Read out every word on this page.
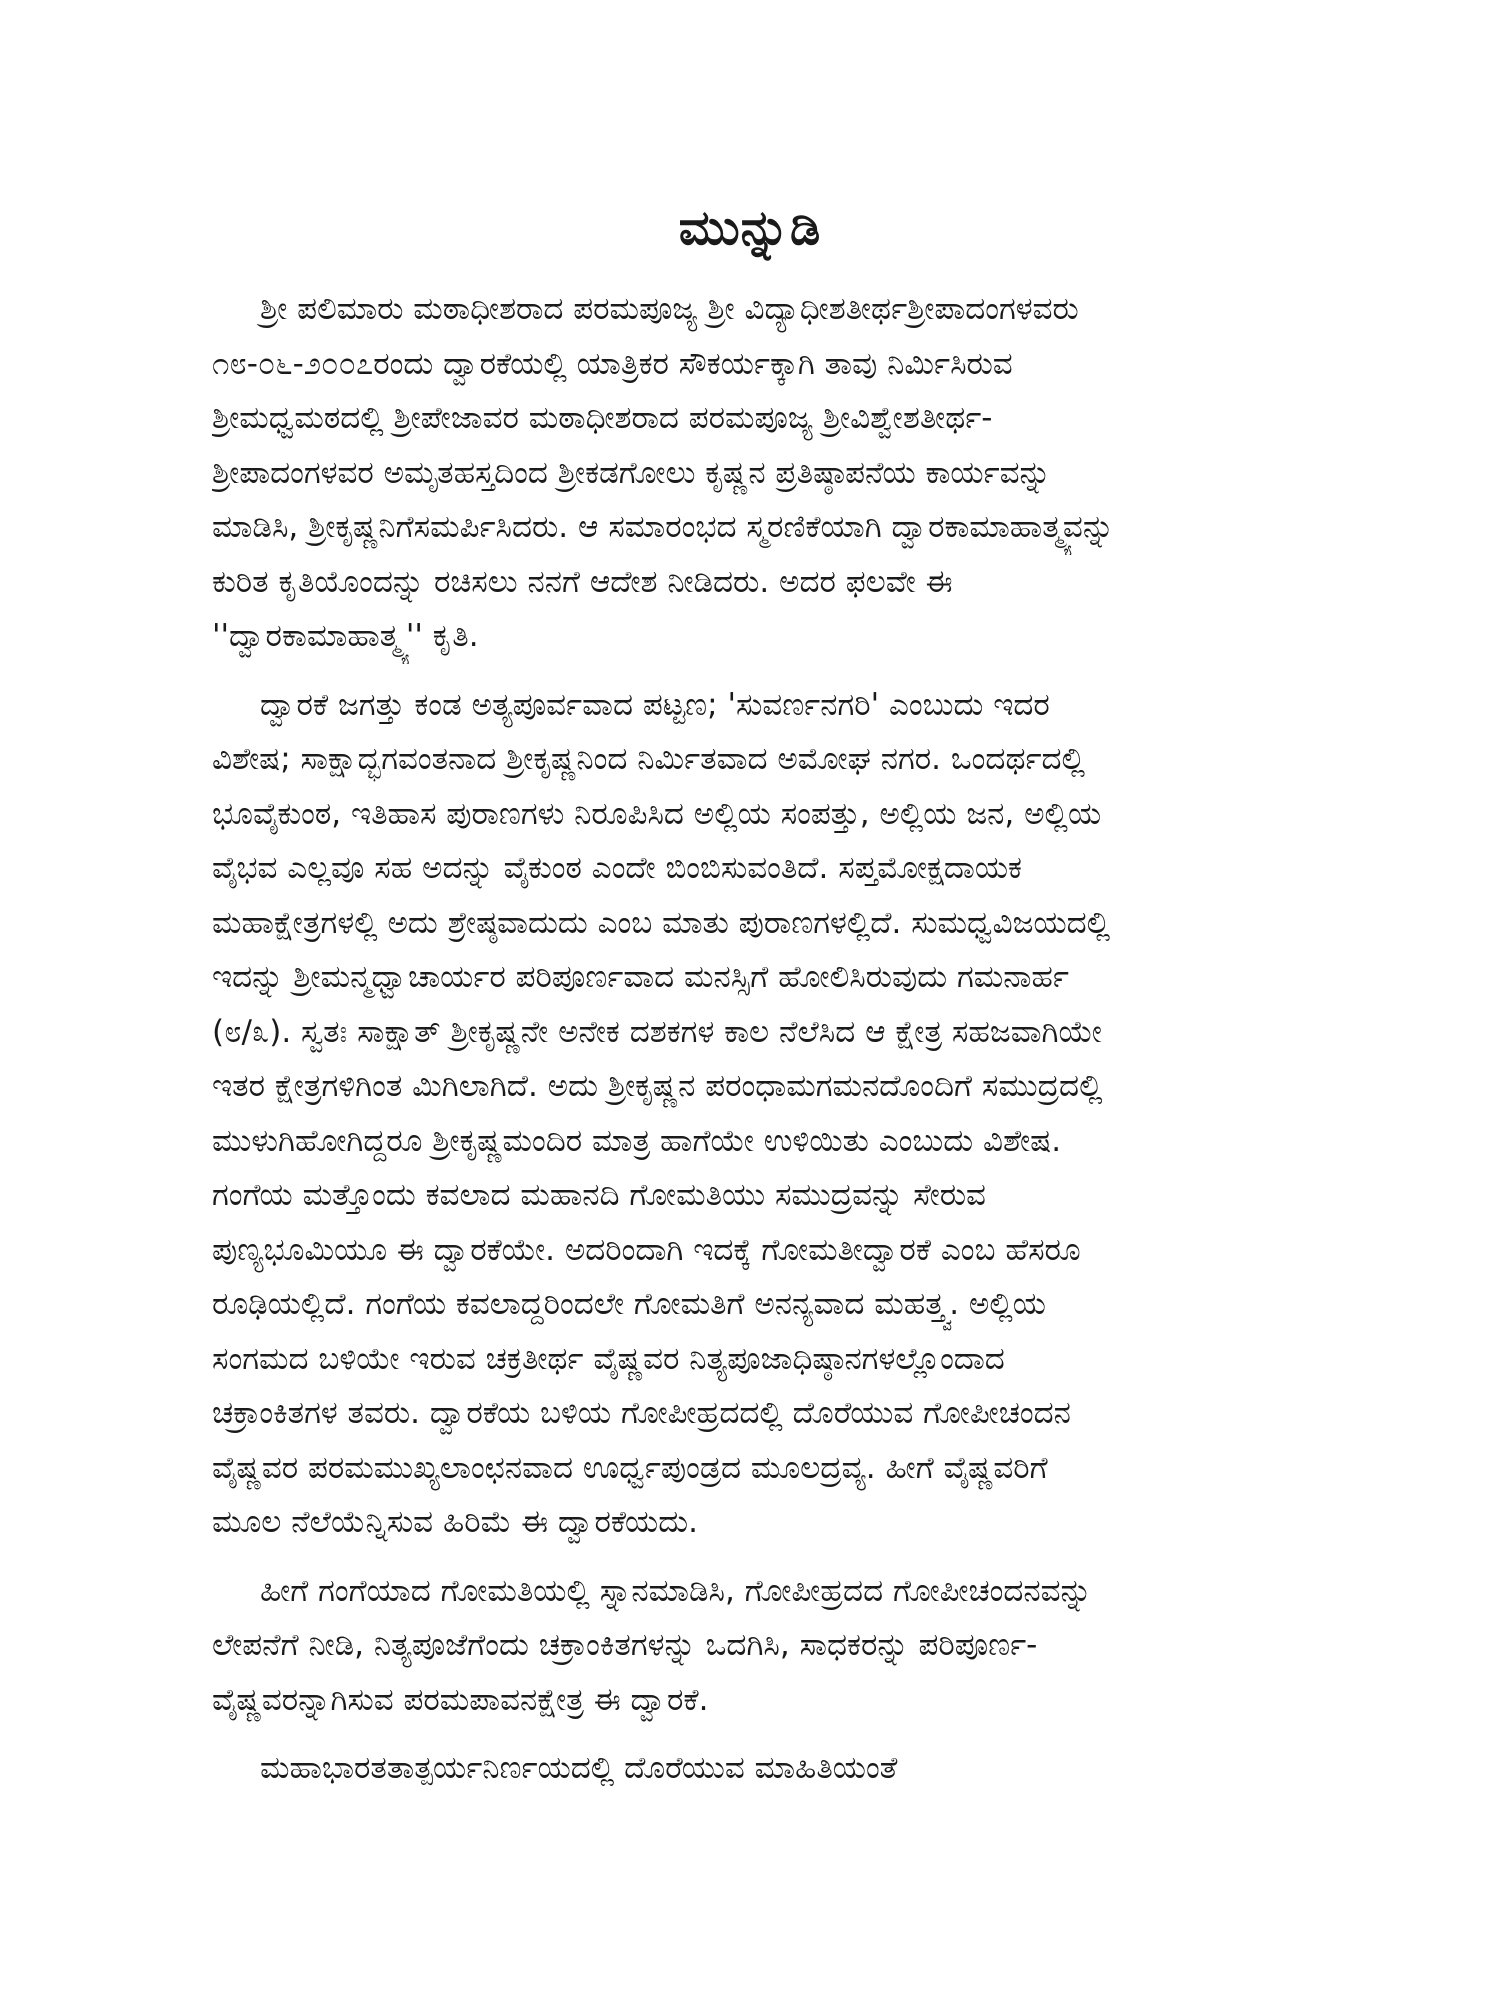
ಮುನ್ನುಡಿ

ಶ್ರೀ ಪಲಿಮಾರು ಮಠಾಧೀಶರಾದ ಪರಮಪೂಜ್ಯ ಶ್ರೀ ವಿದ್ಯಾಧೀಶತೀರ್ಥಶ್ರೀಪಾದಂಗಳವರು
೧೮-೦೬-೨೦೦೭ರಂದು ದ್ವಾರಕೆಯಲ್ಲಿ ಯಾತ್ರಿಕರ ಸೌಕರ್ಯಕ್ಕಾಗಿ ತಾವು ನಿರ್ಮಿಸಿರುವ
ಶ್ರೀಮಧ್ವಮಠದಲ್ಲಿ ಶ್ರೀಪೇಜಾವರ ಮಠಾಧೀಶರಾದ ಪರಮಪೂಜ್ಯ ಶ್ರೀವಿಶ್ವೇಶತೀರ್ಥ-
ಶ್ರೀಪಾದಂಗಳವರ ಅಮೃತಹಸ್ತದಿಂದ ಶ್ರೀಕಡಗೋಲು ಕೃಷ್ಣನ ಪ್ರತಿಷ್ಠಾಪನೆಯ ಕಾರ್ಯವನ್ನು
ಮಾಡಿಸಿ, ಶ್ರೀಕೃಷ್ಣನಿಗೆಸಮರ್ಪಿಸಿದರು. ಆ ಸಮಾರಂಭದ ಸ್ಮರಣಿಕೆಯಾಗಿ ದ್ವಾರಕಾಮಾಹಾತ್ಮ್ಯವನ್ನು
ಕುರಿತ ಕೃತಿಯೊಂದನ್ನು ರಚಿಸಲು ನನಗೆ ಆದೇಶ ನೀಡಿದರು. ಅದರ ಫಲವೇ ಈ
''ದ್ವಾರಕಾಮಾಹಾತ್ಮ್ಯ'' ಕೃತಿ.

ದ್ವಾರಕೆ ಜಗತ್ತು ಕಂಡ ಅತ್ಯಪೂರ್ವವಾದ ಪಟ್ಟಣ; 'ಸುವರ್ಣನಗರಿ' ಎಂಬುದು ಇದರ
ವಿಶೇಷ; ಸಾಕ್ಷಾದ್ಭಗವಂತನಾದ ಶ್ರೀಕೃಷ್ಣನಿಂದ ನಿರ್ಮಿತವಾದ ಅಮೋಘ ನಗರ. ಒಂದರ್ಥದಲ್ಲಿ
ಭೂವೈಕುಂಠ, ಇತಿಹಾಸ ಪುರಾಣಗಳು ನಿರೂಪಿಸಿದ ಅಲ್ಲಿಯ ಸಂಪತ್ತು, ಅಲ್ಲಿಯ ಜನ, ಅಲ್ಲಿಯ
ವೈಭವ ಎಲ್ಲವೂ ಸಹ ಅದನ್ನು ವೈಕುಂಠ ಎಂದೇ ಬಿಂಬಿಸುವಂತಿದೆ. ಸಪ್ತಮೋಕ್ಷದಾಯಕ
ಮಹಾಕ್ಷೇತ್ರಗಳಲ್ಲಿ ಅದು ಶ್ರೇಷ್ಠವಾದುದು ಎಂಬ ಮಾತು ಪುರಾಣಗಳಲ್ಲಿದೆ. ಸುಮಧ್ವವಿಜಯದಲ್ಲಿ
ಇದನ್ನು ಶ್ರೀಮನ್ಮಧ್ವಾಚಾರ್ಯರ ಪರಿಪೂರ್ಣವಾದ ಮನಸ್ಸಿಗೆ ಹೋಲಿಸಿರುವುದು ಗಮನಾರ್ಹ
(೮/೩). ಸ್ವತಃ ಸಾಕ್ಷಾತ್ ಶ್ರೀಕೃಷ್ಣನೇ ಅನೇಕ ದಶಕಗಳ ಕಾಲ ನೆಲೆಸಿದ ಆ ಕ್ಷೇತ್ರ ಸಹಜವಾಗಿಯೇ
ಇತರ ಕ್ಷೇತ್ರಗಳಿಗಿಂತ ಮಿಗಿಲಾಗಿದೆ. ಅದು ಶ್ರೀಕೃಷ್ಣನ ಪರಂಧಾಮಗಮನದೊಂದಿಗೆ ಸಮುದ್ರದಲ್ಲಿ
ಮುಳುಗಿಹೋಗಿದ್ದರೂ ಶ್ರೀಕೃಷ್ಣಮಂದಿರ ಮಾತ್ರ ಹಾಗೆಯೇ ಉಳಿಯಿತು ಎಂಬುದು ವಿಶೇಷ.
ಗಂಗೆಯ ಮತ್ತೊಂದು ಕವಲಾದ ಮಹಾನದಿ ಗೋಮತಿಯು ಸಮುದ್ರವನ್ನು ಸೇರುವ
ಪುಣ್ಯಭೂಮಿಯೂ ಈ ದ್ವಾರಕೆಯೇ. ಅದರಿಂದಾಗಿ ಇದಕ್ಕೆ ಗೋಮತೀದ್ವಾರಕೆ ಎಂಬ ಹೆಸರೂ
ರೂಢಿಯಲ್ಲಿದೆ. ಗಂಗೆಯ ಕವಲಾದ್ದರಿಂದಲೇ ಗೋಮತಿಗೆ ಅನನ್ಯವಾದ ಮಹತ್ತ್ವ. ಅಲ್ಲಿಯ
ಸಂಗಮದ ಬಳಿಯೇ ಇರುವ ಚಕ್ರತೀರ್ಥ ವೈಷ್ಣವರ ನಿತ್ಯಪೂಜಾಧಿಷ್ಠಾನಗಳಲ್ಲೊಂದಾದ
ಚಕ್ರಾಂಕಿತಗಳ ತವರು. ದ್ವಾರಕೆಯ ಬಳಿಯ ಗೋಪೀಹ್ರದದಲ್ಲಿ ದೊರೆಯುವ ಗೋಪೀಚಂದನ
ವೈಷ್ಣವರ ಪರಮಮುಖ್ಯಲಾಂಛನವಾದ ಊರ್ಧ್ವಪುಂಡ್ರದ ಮೂಲದ್ರವ್ಯ. ಹೀಗೆ ವೈಷ್ಣವರಿಗೆ
ಮೂಲ ನೆಲೆಯೆನ್ನಿಸುವ ಹಿರಿಮೆ ಈ ದ್ವಾರಕೆಯದು.

ಹೀಗೆ ಗಂಗೆಯಾದ ಗೋಮತಿಯಲ್ಲಿ ಸ್ನಾನಮಾಡಿಸಿ, ಗೋಪೀಹ್ರದದ ಗೋಪೀಚಂದನವನ್ನು
ಲೇಪನೆಗೆ ನೀಡಿ, ನಿತ್ಯಪೂಜೆಗೆಂದು ಚಕ್ರಾಂಕಿತಗಳನ್ನು ಒದಗಿಸಿ, ಸಾಧಕರನ್ನು ಪರಿಪೂರ್ಣ-
ವೈಷ್ಣವರನ್ನಾಗಿಸುವ ಪರಮಪಾವನಕ್ಷೇತ್ರ ಈ ದ್ವಾರಕೆ.

ಮಹಾಭಾರತತಾತ್ಪರ್ಯನಿರ್ಣಯದಲ್ಲಿ ದೊರೆಯುವ ಮಾಹಿತಿಯಂತೆ
